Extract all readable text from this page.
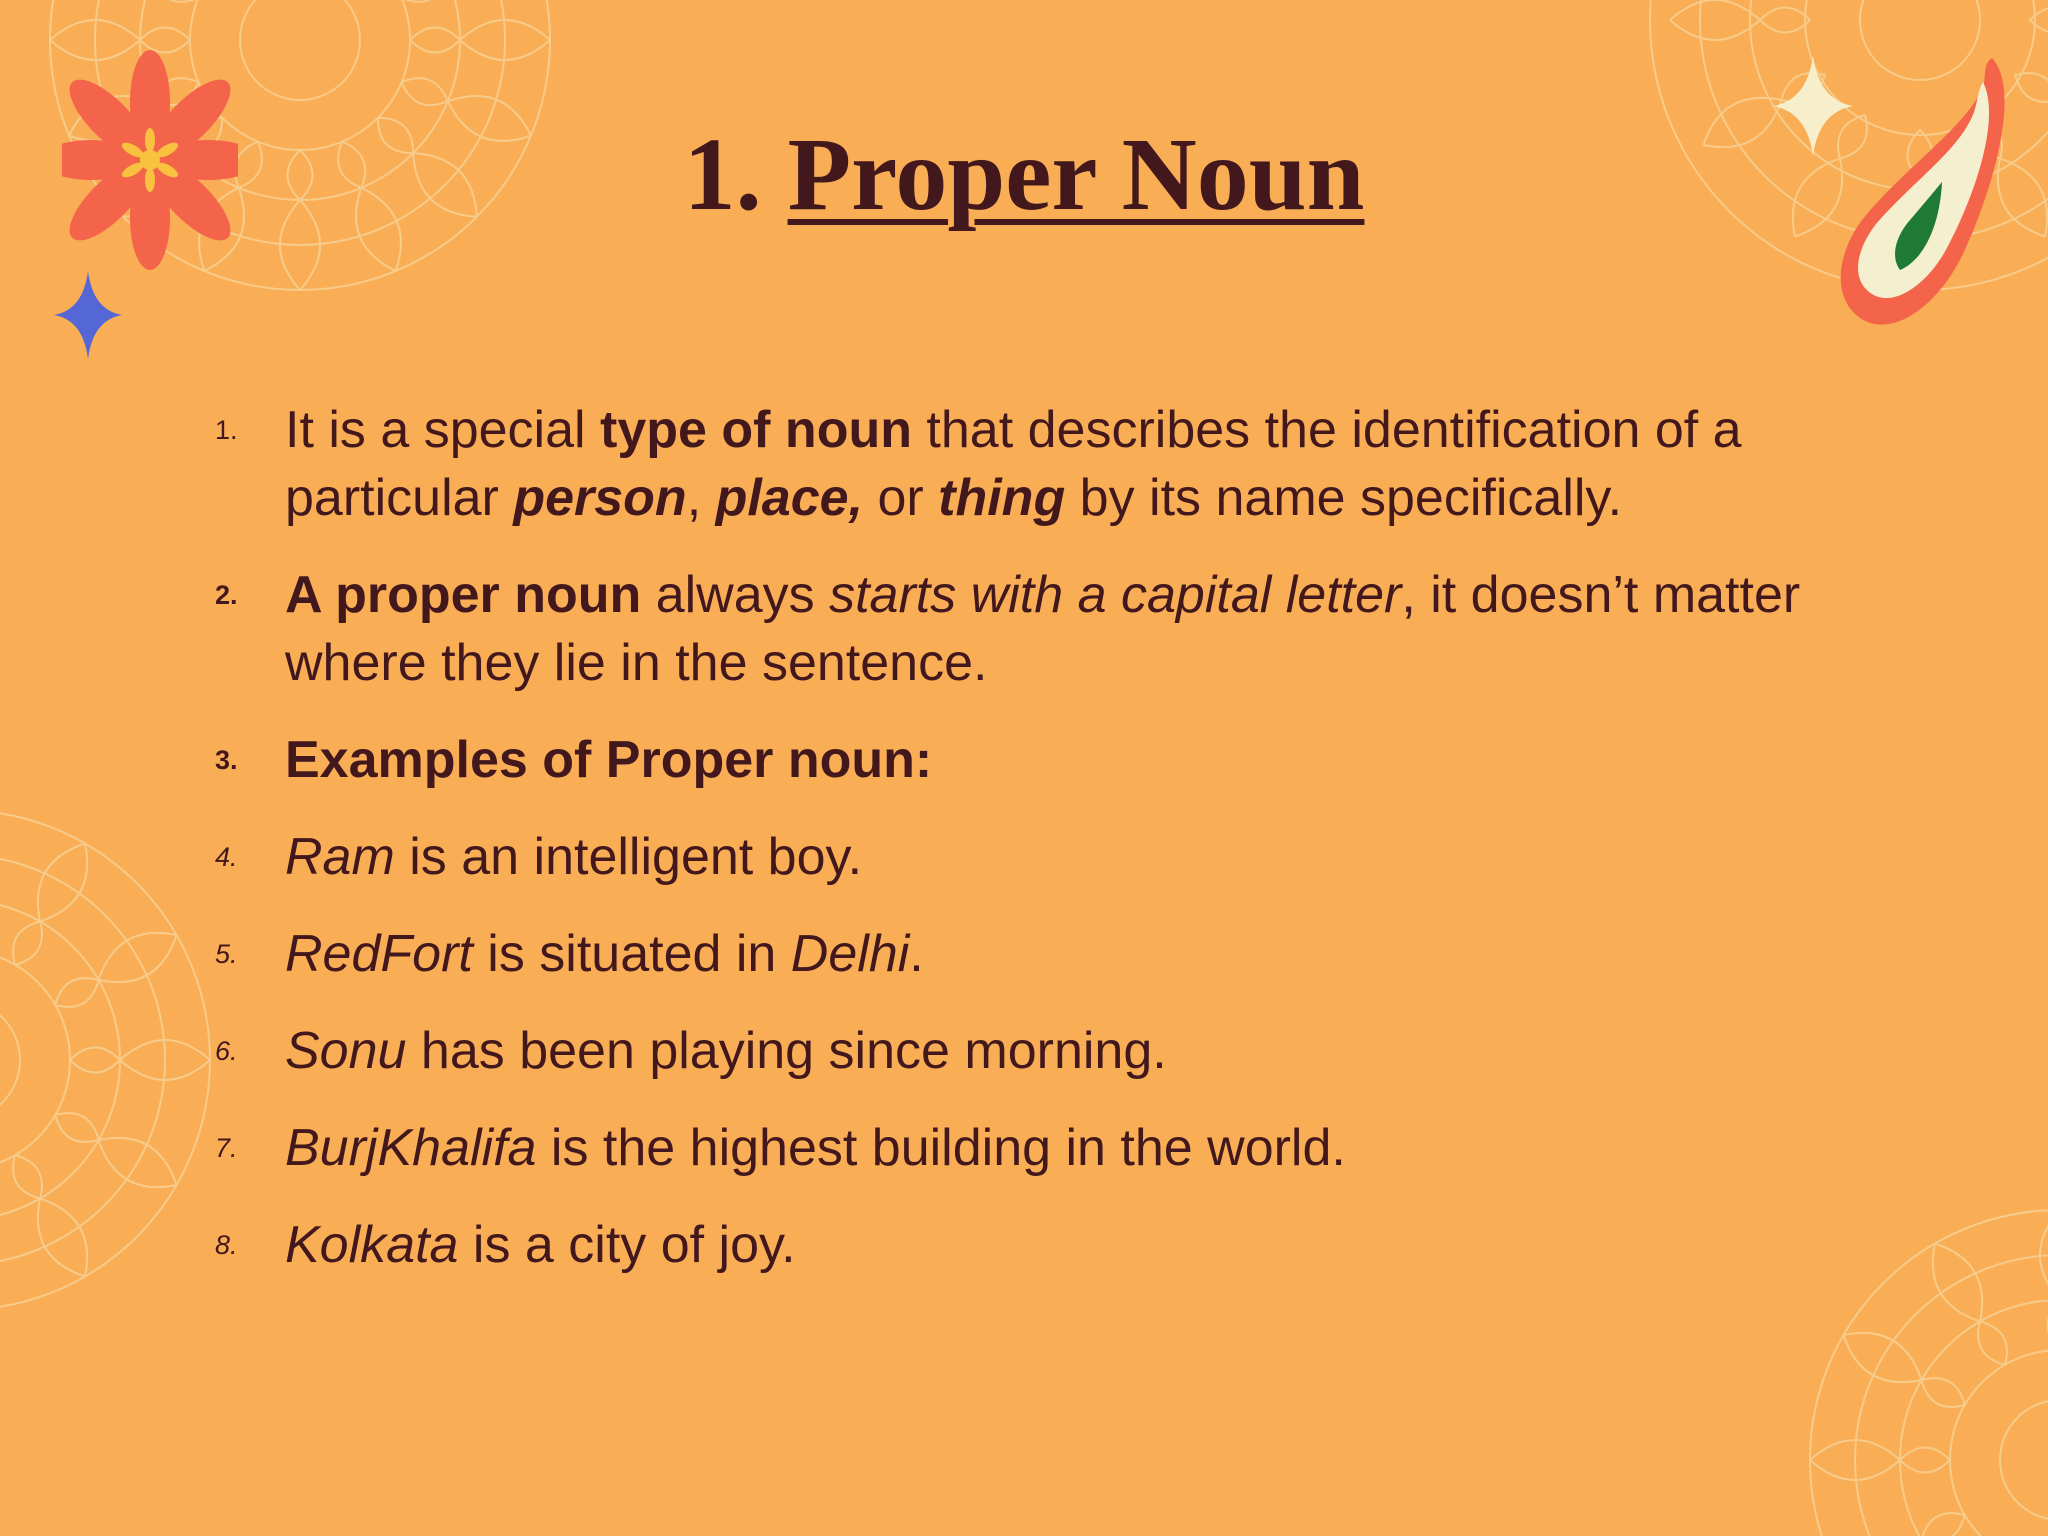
1. Proper Noun
1. It is a special type of noun that describes the identification of a particular person, place, or thing by its name specifically.
2. A proper noun always starts with a capital letter, it doesn’t matter where they lie in the sentence.
3. Examples of Proper noun:
4. Ram is an intelligent boy.
5. RedFort is situated in Delhi.
6. Sonu has been playing since morning.
7. BurjKhalifa is the highest building in the world.
8. Kolkata is a city of joy.
